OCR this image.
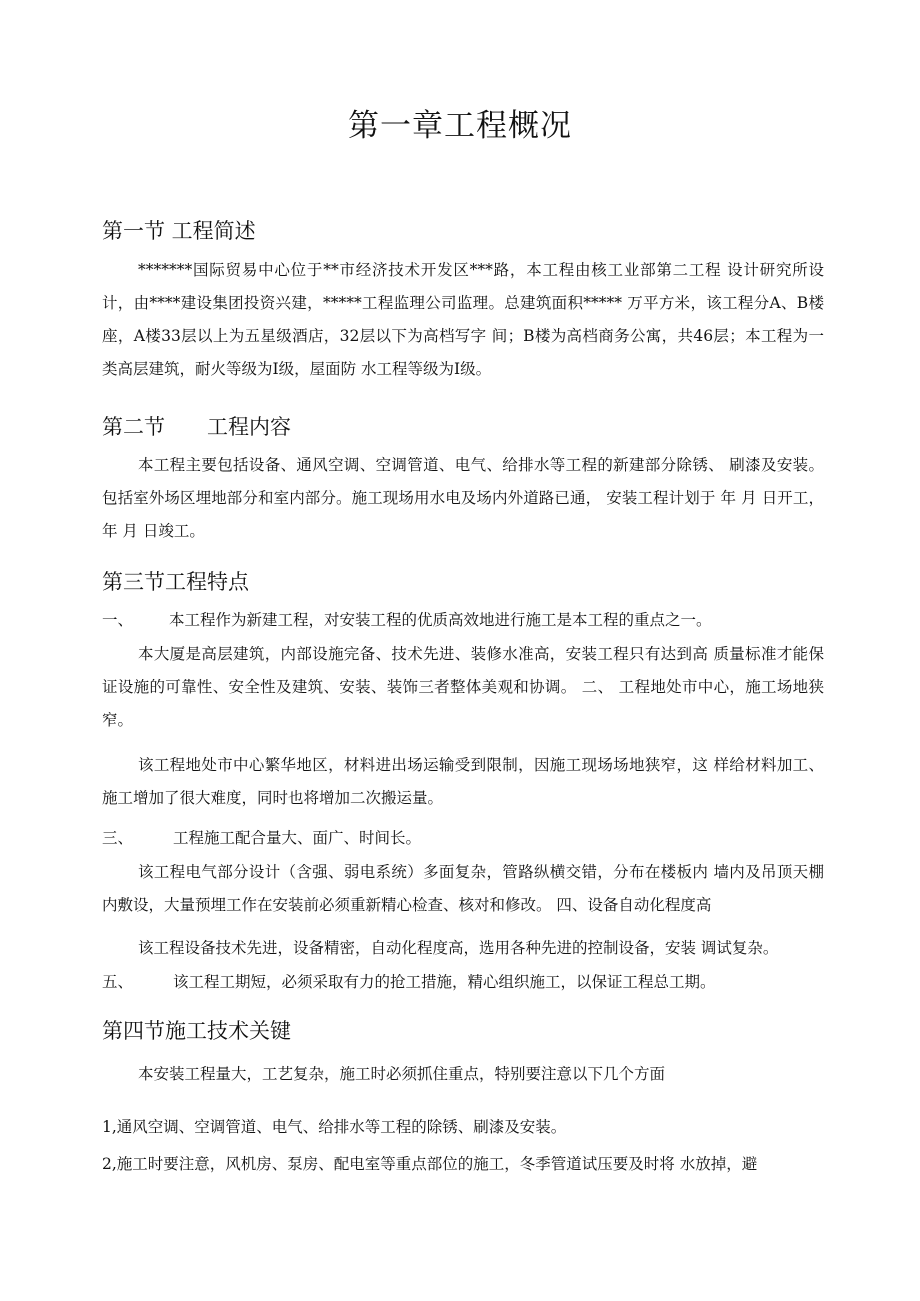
第一章工程概况
第一节 工程简述
*******国际贸易中心位于**市经济技术开发区***路，本工程由核工业部第二工程 设计研究所设计，由****建设集团投资兴建，*****工程监理公司监理。总建筑面积***** 万平方米，该工程分A、B楼座，A楼33层以上为五星级酒店，32层以下为高档写字 间；B楼为高档商务公寓，共46层；本工程为一类高层建筑，耐火等级为I级，屋面防 水工程等级为I级。
第二节　　工程内容
本工程主要包括设备、通风空调、空调管道、电气、给排水等工程的新建部分除锈、 刷漆及安装。包括室外场区埋地部分和室内部分。施工现场用水电及场内外道路已通， 安装工程计划于 年 月 日开工， 年 月 日竣工。
第三节工程特点
一、 本工程作为新建工程，对安装工程的优质高效地进行施工是本工程的重点之一。
本大厦是高层建筑，内部设施完备、技术先进、装修水准高，安装工程只有达到高 质量标准才能保证设施的可靠性、安全性及建筑、安装、装饰三者整体美观和协调。 二、 工程地处市中心，施工场地狭窄。
该工程地处市中心繁华地区，材料进出场运输受到限制，因施工现场场地狭窄，这 样给材料加工、施工增加了很大难度，同时也将增加二次搬运量。
三、	工程施工配合量大、面广、时间长。
该工程电气部分设计（含强、弱电系统）多面复杂，管路纵横交错，分布在楼板内 墙内及吊顶天棚内敷设，大量预埋工作在安装前必须重新精心检查、核对和修改。 四、设备自动化程度高
该工程设备技术先进，设备精密，自动化程度高，选用各种先进的控制设备，安装 调试复杂。
五、	该工程工期短，必须采取有力的抢工措施，精心组织施工，以保证工程总工期。
第四节施工技术关键
本安装工程量大，工艺复杂，施工时必须抓住重点，特别要注意以下几个方面
1,通风空调、空调管道、电气、给排水等工程的除锈、刷漆及安装。
2,施工时要注意，风机房、泵房、配电室等重点部位的施工，冬季管道试压要及时将 水放掉，避
